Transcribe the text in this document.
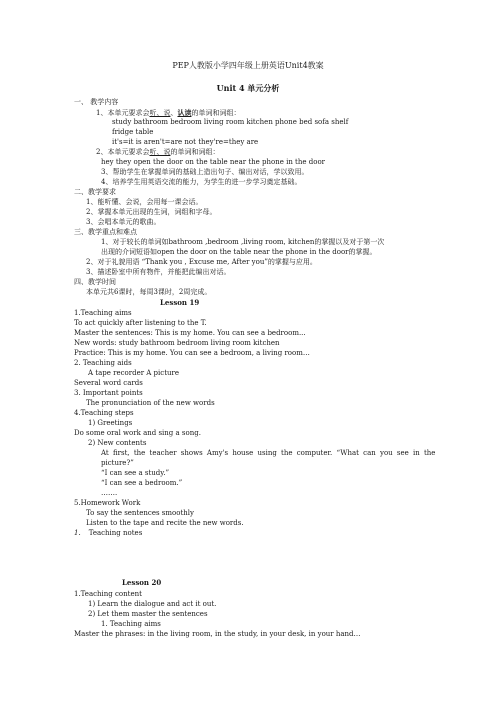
PEP人教版小学四年级上册英语Unit4教案
Unit 4 单元分析
一、 教学内容
1、本单元要求会听、说、认读的单词和词组：
study bathroom bedroom living room kitchen phone bed sofa shelf
fridge table
it's=it is aren't=are not they're=they are
2、本单元要求会听、说的单词和词组：
hey they open the door on the table near the phone in the door
3、帮助学生在掌握单词的基础上造出句子、编出对话，学以致用。
4、培养学生用英语交流的能力，为学生的进一步学习奠定基础。
二、教学要求
1、能听懂、会说，会用每一课会话。
2、掌握本单元出现的生词，词组和字母。
3、会唱本单元的歌曲。
三、教学重点和难点
1、对于较长的单词如bathroom ,bedroom ,living room, kitchen的掌握以及对于第一次
出现的介词短语如open the door on the table near the phone in the door的掌握。
2、对于礼貌用语 “Thank you , Excuse me, After you”的掌握与应用。
3、描述卧室中所有物件，并能把此编出对话。
四、教学时间
本单元共6课时，每周3课时，2周完成。
Lesson 19
1.Teaching aims
To act quickly after listening to the T.
Master the sentences: This is my home. You can see a bedroom...
New words: study bathroom bedroom living room kitchen
Practice: This is my home. You can see a bedroom, a living room…
2. Teaching aids
A tape recorder A picture
Several word cards
3. Important points
The pronunciation of the new words
4.Teaching steps
1) Greetings
Do some oral work and sing a song.
2) New contents
At first, the teacher shows Amy's house using the computer. “What can you see in the
picture?”
“I can see a study.”
“I can see a bedroom.”
…….
5.Homework Work
To say the sentences smoothly
Listen to the tape and recite the new words.
1. Teaching notes
Lesson 20
1.Teaching content
1) Learn the dialogue and act it out.
2) Let them master the sentences
1. Teaching aims
Master the phrases: in the living room, in the study, in your desk, in your hand…
